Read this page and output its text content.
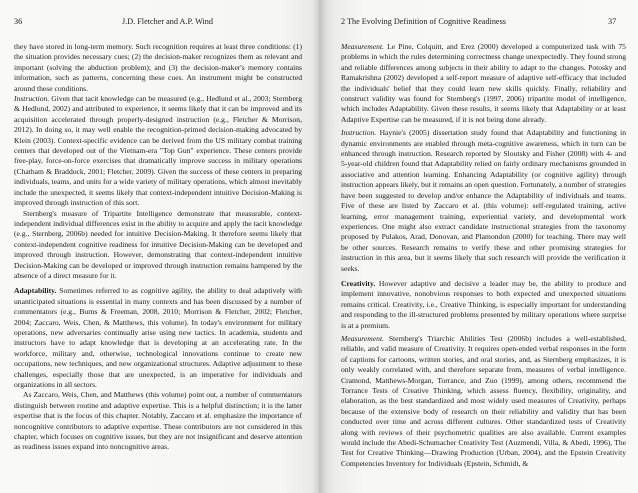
36	J.D. Fletcher and A.P. Wind

they have stored in long-term memory. Such recognition requires at least three conditions: (1) the situation provides necessary cues; (2) the decision-maker recognizes them as relevant and important (solving the abduction problem); and (3) the decision-maker's memory contains information, such as patterns, concerning these cues. An instrument might be constructed around these conditions.

Instruction. Given that tacit knowledge can be measured (e.g., Hedlund et al., 2003; Sternberg & Hedlund, 2002) and attributed to experience, it seems likely that it can be improved and its acquisition accelerated through properly-designed instruction (e.g., Fletcher & Morrison, 2012). In doing so, it may well enable the recognition-primed decision-making advocated by Klein (2003). Context-specific evidence can be derived from the US military combat training centers that developed out of the Vietnam-era "Top Gun" experience. These centers provide free-play, force-on-force exercises that dramatically improve success in military operations (Chatham & Braddock, 2001; Fletcher, 2009). Given the success of these centers in preparing individuals, teams, and units for a wide variety of military operations, which almost inevitably include the unexpected, it seems likely that context-independent intuitive Decision-Making is improved through instruction of this sort.

Sternberg's measure of Tripartite Intelligence demonstrate that measurable, context-independent individual differences exist in the ability to acquire and apply the tacit knowledge (e.g., Sternberg, 2006b) needed for intuitive Decision-Making. It therefore seems likely that context-independent cognitive readiness for intuitive Decision-Making can be developed and improved through instruction. However, demonstrating that context-independent intuitive Decision-Making can be developed or improved through instruction remains hampered by the absence of a direct measure for it.

Adaptability. Sometimes referred to as cognitive agility, the ability to deal adaptively with unanticipated situations is essential in many contexts and has been discussed by a number of commentators (e.g., Burns & Freeman, 2008, 2010; Morrison & Fletcher, 2002; Fletcher, 2004; Zaccaro, Weis, Chen, & Matthews, this volume). In today's environment for military operations, new adversaries continually arise using new tactics. In academia, students and instructors have to adapt knowledge that is developing at an accelerating rate. In the workforce, military and, otherwise, technological innovations continue to create new occupations, new techniques, and new organizational structures. Adaptive adjustment to these challenges, especially those that are unexpected, is an imperative for individuals and organizations in all sectors.

As Zaccaro, Weis, Chen, and Matthews (this volume) point out, a number of commentators distinguish between routine and adaptive expertise. This is a helpful distinction; it is the latter expertise that is the focus of this chapter. Notably, Zaccaro et al. emphasize the importance of noncognitive contributors to adaptive expertise. These contributors are not considered in this chapter, which focuses on cognitive issues, but they are not insignificant and deserve attention as readiness issues expand into noncognitive areas.

2 The Evolving Definition of Cognitive Readiness	37

Measurement. Le Pine, Colquitt, and Erez (2000) developed a computerized task with 75 problems in which the rules determining correctness change unexpectedly. They found strong and reliable differences among subjects in their ability to adapt to the changes. Potosky and Ramakrishna (2002) developed a self-report measure of adaptive self-efficacy that included the individuals' belief that they could learn new skills quickly. Finally, reliability and construct validity was found for Sternberg's (1997, 2006) tripartite model of intelligence, which includes Adaptability. Given these results, it seems likely that Adaptability or at least Adaptive Expertise can be measured, if it is not being done already.

Instruction. Haynie's (2005) dissertation study found that Adaptability and functioning in dynamic environments are enabled through meta-cognitive awareness, which in turn can be enhanced through instruction. Research reported by Sloutsky and Fisher (2008) with 4- and 5-year-old children found that Adaptability relied on fairly ordinary mechanisms grounded in associative and attention learning. Enhancing Adaptability (or cognitive agility) through instruction appears likely, but it remains an open question. Fortunately, a number of strategies have been suggested to develop and/or enhance the Adaptability of individuals and teams. Five of these are listed by Zaccaro et al. (this volume): self-regulated training, active learning, error management training, experiential variety, and developmental work experiences. One might also extract candidate instructional strategies from the taxonomy proposed by Pulakos, Arad, Donovan, and Plamondon (2000) for teaching. There may well be other sources. Research remains to verify these and other promising strategies for instruction in this area, but it seems likely that such research will provide the verification it seeks.

Creativity. However adaptive and decisive a leader may be, the ability to produce and implement innovative, nonobvious responses to both expected and unexpected situations remains critical. Creativity, i.e., Creative Thinking, is especially important for understanding and responding to the ill-structured problems presented by military operations where surprise is at a premium.

Measurement. Sternberg's Triarchic Abilities Test (2006b) includes a well-established, reliable, and valid measure of Creativity. It requires open-ended verbal responses in the form of captions for cartoons, written stories, and oral stories, and, as Sternberg emphasizes, it is only weakly correlated with, and therefore separate from, measures of verbal intelligence. Cramond, Matthews-Morgan, Torrance, and Zuo (1999), among others, recommend the Torrance Tests of Creative Thinking, which assess fluency, flexibility, originality, and elaboration, as the best standardized and most widely used measures of Creativity, perhaps because of the extensive body of research on their reliability and validity that has been conducted over time and across different cultures. Other standardized tests of Creativity along with reviews of their psychometric qualities are also available. Current examples would include the Abedi-Schumacher Creativity Test (Auzmendi, Villa, & Abedi, 1996), The Test for Creative Thinking—Drawing Production (Urban, 2004), and the Epstein Creativity Competencies Inventory for Individuals (Epstein, Schmidt, &
